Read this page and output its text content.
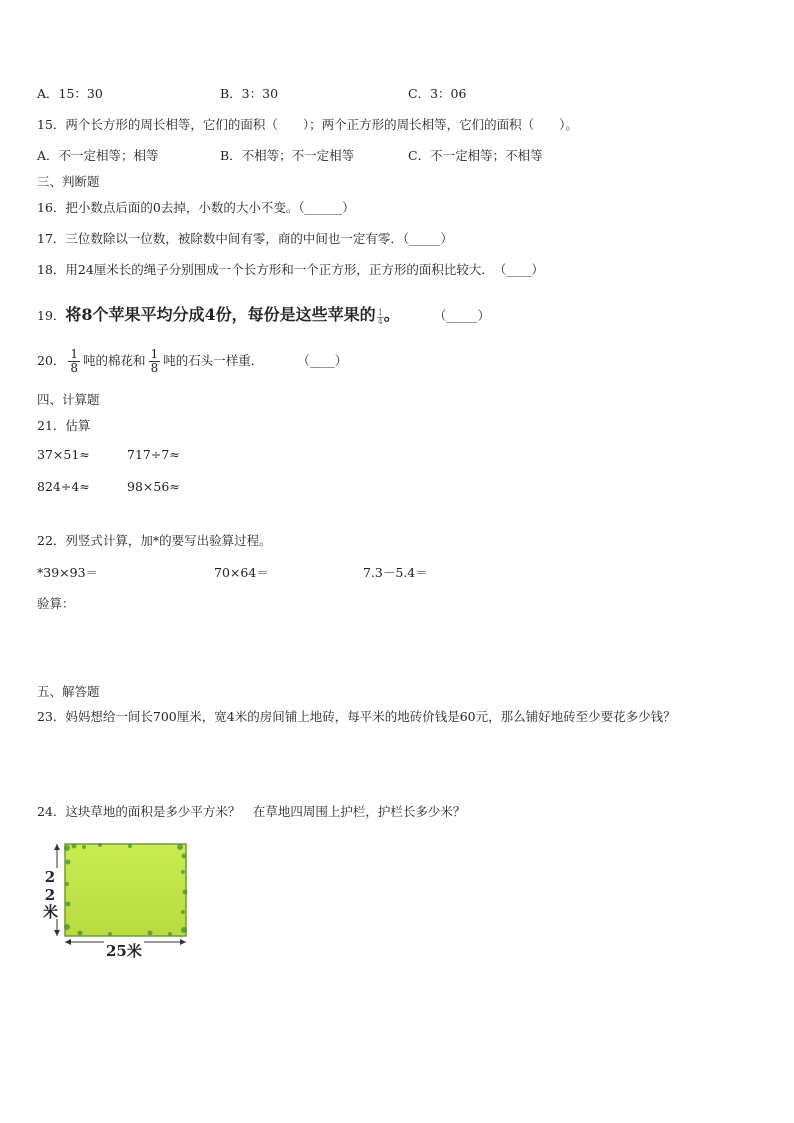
A．15：30	B．3：30	C．3：06
15．两个长方形的周长相等，它们的面积（　　）；两个正方形的周长相等，它们的面积（　　）。
A．不一定相等；相等	B．不相等；不一定相等	C．不一定相等；不相等
三、判断题
16．把小数点后面的0去掉，小数的大小不变。（______）
17．三位数除以一位数，被除数中间有零，商的中间也一定有零．（_____）
18．用24厘米长的绳子分别围成一个长方形和一个正方形，正方形的面积比较大．　（____）
19．将8个苹果平均分成4份，每份是这些苹果的 $\frac{1}{4}$ 。	（_____）
20． $\frac{1}{8}$ 吨的棉花和 $\frac{1}{8}$ 吨的石头一样重．	（____）
四、计算题
21．估算
37×51≈	717÷7≈
824÷4≈	98×56≈
22．列竖式计算，加*的要写出验算过程。
*39×93＝	70×64＝	7.3－5.4＝
验算：
五、解答题
23．妈妈想给一间长700厘米，宽4米的房间铺上地砖，每平米的地砖价钱是60元，那么铺好地砖至少要花多少钱？
24．这块草地的面积是多少平方米？　在草地四周围上护栏，护栏长多少米？
22米
25米
